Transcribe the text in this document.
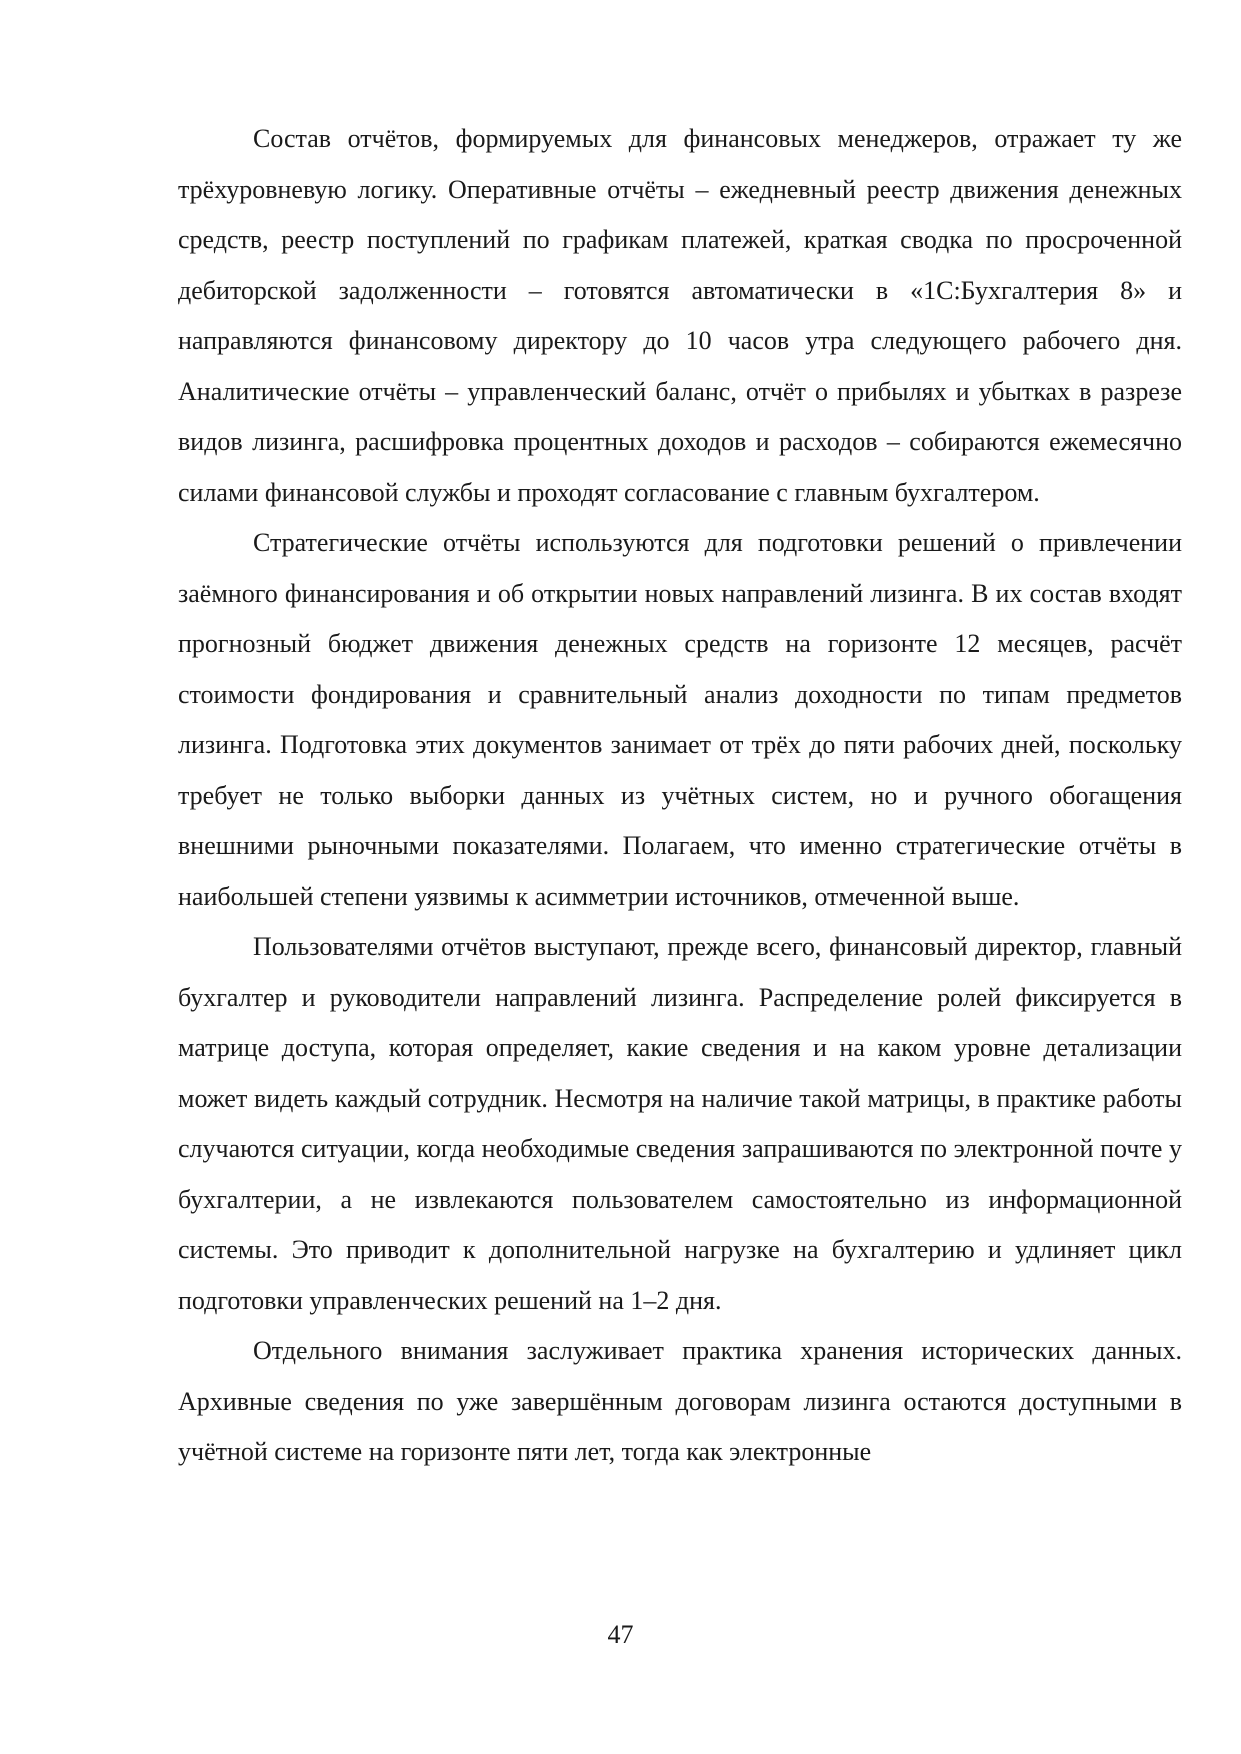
Состав отчётов, формируемых для финансовых менеджеров, отражает ту же трёхуровневую логику. Оперативные отчёты – ежедневный реестр движения денежных средств, реестр поступлений по графикам платежей, краткая сводка по просроченной дебиторской задолженности – готовятся автоматически в «1С:Бухгалтерия 8» и направляются финансовому директору до 10 часов утра следующего рабочего дня. Аналитические отчёты – управленческий баланс, отчёт о прибылях и убытках в разрезе видов лизинга, расшифровка процентных доходов и расходов – собираются ежемесячно силами финансовой службы и проходят согласование с главным бухгалтером.

Стратегические отчёты используются для подготовки решений о привлечении заёмного финансирования и об открытии новых направлений лизинга. В их состав входят прогнозный бюджет движения денежных средств на горизонте 12 месяцев, расчёт стоимости фондирования и сравнительный анализ доходности по типам предметов лизинга. Подготовка этих документов занимает от трёх до пяти рабочих дней, поскольку требует не только выборки данных из учётных систем, но и ручного обогащения внешними рыночными показателями. Полагаем, что именно стратегические отчёты в наибольшей степени уязвимы к асимметрии источников, отмеченной выше.

Пользователями отчётов выступают, прежде всего, финансовый директор, главный бухгалтер и руководители направлений лизинга. Распределение ролей фиксируется в матрице доступа, которая определяет, какие сведения и на каком уровне детализации может видеть каждый сотрудник. Несмотря на наличие такой матрицы, в практике работы случаются ситуации, когда необходимые сведения запрашиваются по электронной почте у бухгалтерии, а не извлекаются пользователем самостоятельно из информационной системы. Это приводит к дополнительной нагрузке на бухгалтерию и удлиняет цикл подготовки управленческих решений на 1–2 дня.

Отдельного внимания заслуживает практика хранения исторических данных. Архивные сведения по уже завершённым договорам лизинга остаются доступными в учётной системе на горизонте пяти лет, тогда как электронные

47
